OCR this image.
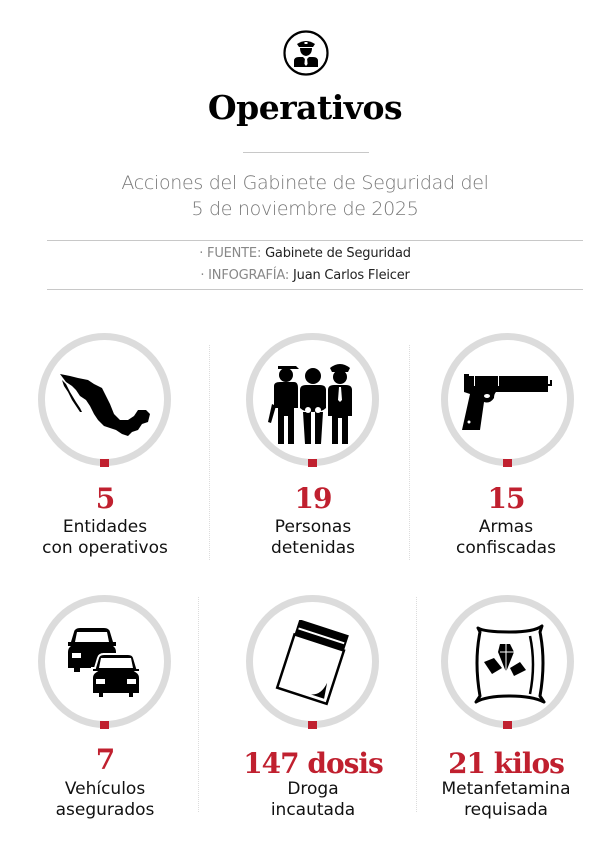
Operativos
Acciones del Gabinete de Seguridad del
5 de noviembre de 2025
· FUENTE: Gabinete de Seguridad
· INFOGRAFÍA: Juan Carlos Fleicer
5
Entidades
con operativos
19
Personas
detenidas
15
Armas
confiscadas
7
Vehículos
asegurados
147 dosis
Droga
incautada
21 kilos
Metanfetamina
requisada
